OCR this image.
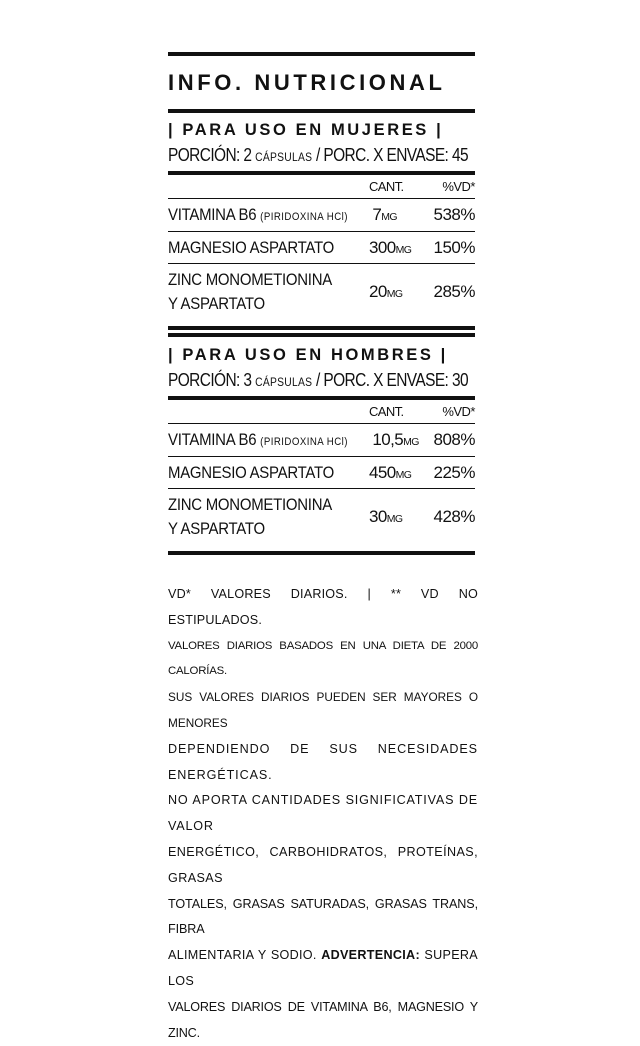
INFO. NUTRICIONAL
| PARA USO EN MUJERES |
PORCIÓN: 2 CÁPSULAS / PORC. X ENVASE: 45
CANT.	%VD*
VITAMINA B6 (PIRIDOXINA HCl) 7MG	538%
MAGNESIO ASPARTATO	300MG	150%
ZINC MONOMETIONINA
Y ASPARTATO
20MG	285%
| PARA USO EN HOMBRES |
PORCIÓN: 3 CÁPSULAS / PORC. X ENVASE: 30
CANT.	%VD*
VITAMINA B6 (PIRIDOXINA HCl) 10,5MG 808%
MAGNESIO ASPARTATO	450MG	225%
ZINC MONOMETIONINA
Y ASPARTATO
30MG	428%
VD* VALORES DIARIOS. | ** VD NO ESTIPULADOS.
VALORES DIARIOS BASADOS EN UNA DIETA DE 2000 CALORÍAS.
SUS VALORES DIARIOS PUEDEN SER MAYORES O MENORES
DEPENDIENDO DE SUS NECESIDADES ENERGÉTICAS.
NO APORTA CANTIDADES SIGNIFICATIVAS DE VALOR
ENERGÉTICO, CARBOHIDRATOS, PROTEÍNAS, GRASAS
TOTALES, GRASAS SATURADAS, GRASAS TRANS, FIBRA
ALIMENTARIA Y SODIO. ADVERTENCIA: SUPERA LOS
VALORES DIARIOS DE VITAMINA B6, MAGNESIO Y ZINC.
